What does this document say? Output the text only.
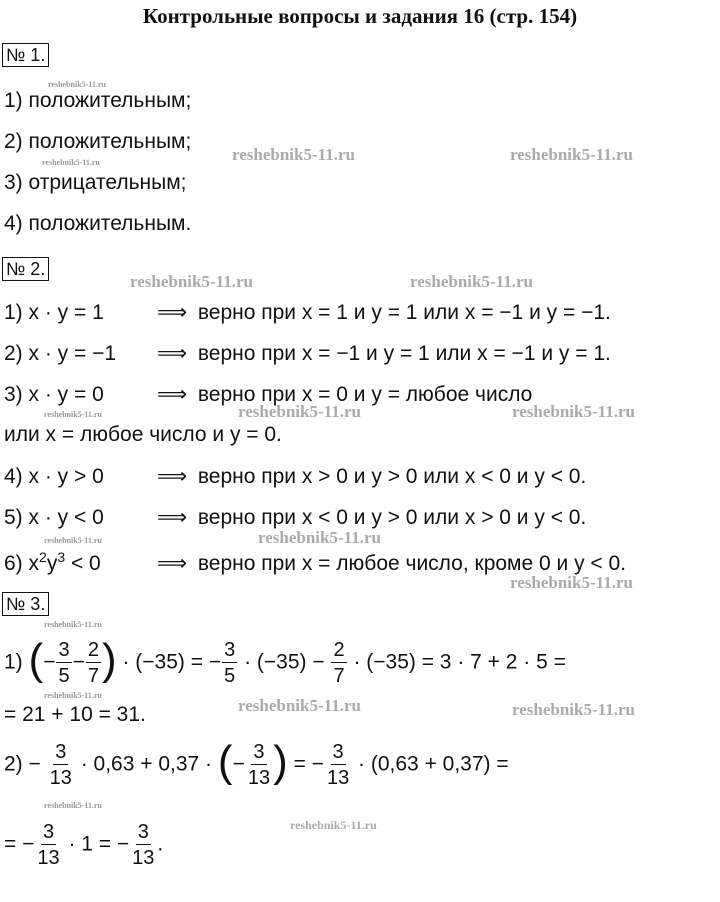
Контрольные вопросы и задания 16 (стр. 154)
№ 1.
1) положительным;
2) положительным;
3) отрицательным;
4) положительным.
№ 2.
1) x · y = 1	⟹ верно при x = 1 и y = 1 или x = −1 и y = −1.
2) x · y = −1 ⟹ верно при x = −1 и y = 1 или x = −1 и y = 1.
3) x · y = 0	⟹ верно при x = 0 и y = любое число
или x = любое число и y = 0.
4) x · y > 0	⟹ верно при x > 0 и y > 0 или x < 0 и y < 0.
5) x · y < 0	⟹ верно при x < 0 и y > 0 или x > 0 и y < 0.
6) $x^2y^3 < 0$	⟹ верно при x = любое число, кроме 0 и y < 0.
№ 3.
1) (− $\frac{3}{5} - \frac{2}{7}$ ) · (−35) = − $\frac{3}{5} \cdot (-35) - \frac{2}{7} \cdot (-35) = 3 \cdot 7 + 2 \cdot 5$ =
= 21 + 10 = 31.
$2) - \frac{3}{13} \cdot 0,63 + 0,37$ · (− $\frac{3}{13}$ ) = − $\frac{3}{13} \cdot (0,63 + 0,37)$ =
= − $\frac{3}{13} \cdot 1$ = − $\frac{3}{13}$ .
reshebnik5-11.ru
reshebnik5-11.ru	reshebnik5-11.ru	reshebnik5-11.ru
reshebnik5-11.ru	reshebnik5-11.ru
reshebnik5-11.ru	reshebnik5-11.ru	reshebnik5-11.ru
reshebnik5-11.ru	reshebnik5-11.ru
reshebnik5-11.ru
reshebnik5-11.ru
reshebnik5-11.ru
reshebnik5-11.ru	reshebnik5-11.ru
reshebnik5-11.ru
reshebnik5-11.ru
